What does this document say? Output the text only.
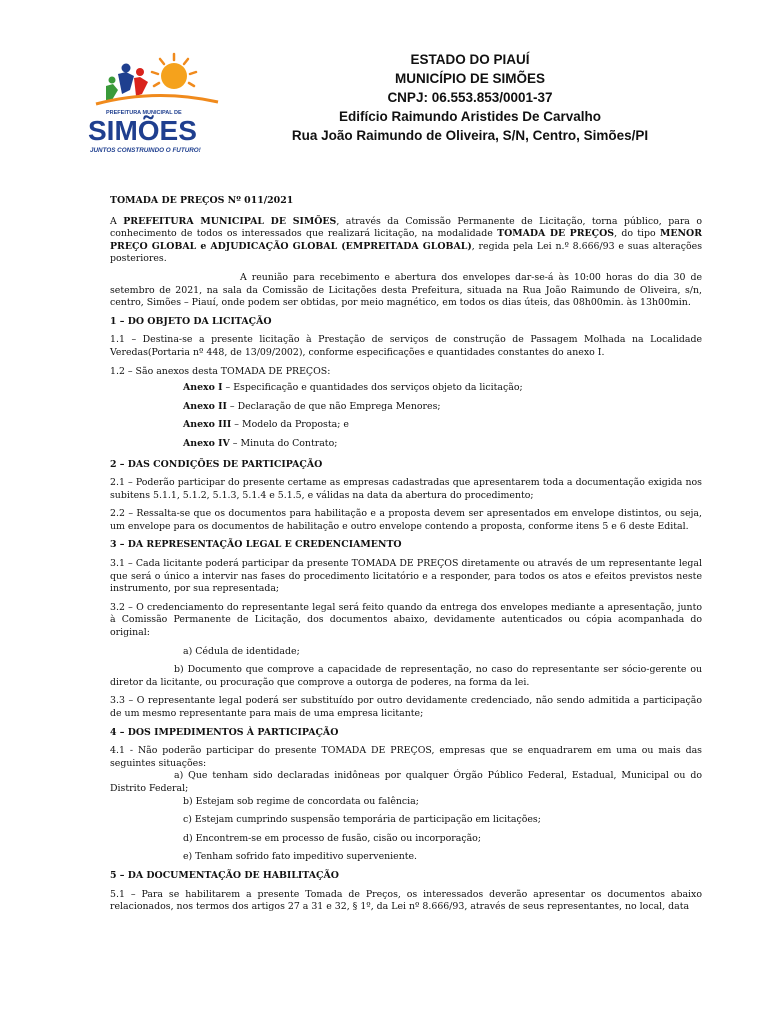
PREFEITURA MUNICIPAL DE
SIMÕES
JUNTOS CONSTRUINDO O FUTURO!
ESTADO DO PIAUÍ
MUNICÍPIO DE SIMÕES
CNPJ: 06.553.853/0001-37
Edifício Raimundo Aristides De Carvalho
Rua João Raimundo de Oliveira, S/N, Centro, Simões/PI

TOMADA DE PREÇOS Nº 011/2021

A PREFEITURA MUNICIPAL DE SIMÕES, através da Comissão Permanente de Licitação, torna público, para o conhecimento de todos os interessados que realizará licitação, na modalidade TOMADA DE PREÇOS, do tipo MENOR PREÇO GLOBAL e ADJUDICAÇÃO GLOBAL (EMPREITADA GLOBAL), regida pela Lei n.º 8.666/93 e suas alterações posteriores.

A reunião para recebimento e abertura dos envelopes dar-se-á às 10:00 horas do dia 30 de setembro de 2021, na sala da Comissão de Licitações desta Prefeitura, situada na Rua João Raimundo de Oliveira, s/n, centro, Simões – Piauí, onde podem ser obtidas, por meio magnético, em todos os dias úteis, das 08h00min. às 13h00min.

1 – DO OBJETO DA LICITAÇÃO

1.1 – Destina-se a presente licitação à Prestação de serviços de construção de Passagem Molhada na Localidade Veredas(Portaria nº 448, de 13/09/2002), conforme especificações e quantidades constantes do anexo I.

1.2 – São anexos desta TOMADA DE PREÇOS:

Anexo I – Especificação e quantidades dos serviços objeto da licitação;

Anexo II – Declaração de que não Emprega Menores;

Anexo III – Modelo da Proposta; e

Anexo IV – Minuta do Contrato;

2 – DAS CONDIÇÕES DE PARTICIPAÇÃO

2.1 – Poderão participar do presente certame as empresas cadastradas que apresentarem toda a documentação exigida nos subitens 5.1.1, 5.1.2, 5.1.3, 5.1.4 e 5.1.5, e válidas na data da abertura do procedimento;

2.2 – Ressalta-se que os documentos para habilitação e a proposta devem ser apresentados em envelope distintos, ou seja, um envelope para os documentos de habilitação e outro envelope contendo a proposta, conforme itens 5 e 6 deste Edital.

3 – DA REPRESENTAÇÃO LEGAL E CREDENCIAMENTO

3.1 – Cada licitante poderá participar da presente TOMADA DE PREÇOS diretamente ou através de um representante legal que será o único a intervir nas fases do procedimento licitatório e a responder, para todos os atos e efeitos previstos neste instrumento, por sua representada;

3.2 – O credenciamento do representante legal será feito quando da entrega dos envelopes mediante a apresentação, junto à Comissão Permanente de Licitação, dos documentos abaixo, devidamente autenticados ou cópia acompanhada do original:

a) Cédula de identidade;

b) Documento que comprove a capacidade de representação, no caso do representante ser sócio-gerente ou diretor da licitante, ou procuração que comprove a outorga de poderes, na forma da lei.

3.3 – O representante legal poderá ser substituído por outro devidamente credenciado, não sendo admitida a participação de um mesmo representante para mais de uma empresa licitante;

4 – DOS IMPEDIMENTOS À PARTICIPAÇÃO

4.1 - Não poderão participar do presente TOMADA DE PREÇOS, empresas que se enquadrarem em uma ou mais das seguintes situações:

a) Que tenham sido declaradas inidôneas por qualquer Órgão Público Federal, Estadual, Municipal ou do Distrito Federal;

b) Estejam sob regime de concordata ou falência;

c) Estejam cumprindo suspensão temporária de participação em licitações;

d) Encontrem-se em processo de fusão, cisão ou incorporação;

e) Tenham sofrido fato impeditivo superveniente.

5 – DA DOCUMENTAÇÃO DE HABILITAÇÃO

5.1 – Para se habilitarem a presente Tomada de Preços, os interessados deverão apresentar os documentos abaixo relacionados, nos termos dos artigos 27 a 31 e 32, § 1º, da Lei nº 8.666/93, através de seus representantes, no local, data
